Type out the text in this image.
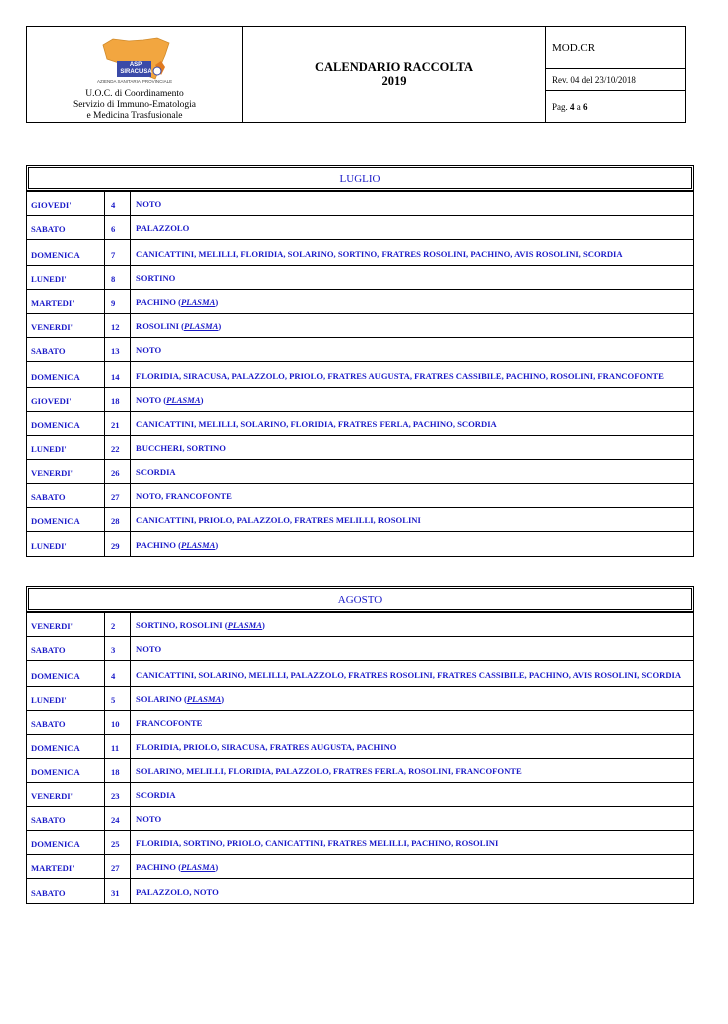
ASP SIRACUSA
AZIENDA SANITARIA PROVINCIALE
U.O.C. di Coordinamento
Servizio di Immuno-Ematologia
e Medicina Trasfusionale
CALENDARIO RACCOLTA
2019
MOD.CR
Rev. 04 del 23/10/2018
Pag. 4 a 6
LUGLIO
GIOVEDI'	4	NOTO
SABATO	6	PALAZZOLO
DOMENICA	7	CANICATTINI, MELILLI, FLORIDIA, SOLARINO, SORTINO, FRATRES ROSOLINI, PACHINO, AVIS ROSOLINI, SCORDIA
LUNEDI'	8	SORTINO
MARTEDI'	9	PACHINO (PLASMA)
VENERDI'	12	ROSOLINI (PLASMA)
SABATO	13	NOTO
DOMENICA	14	FLORIDIA, SIRACUSA, PALAZZOLO, PRIOLO, FRATRES AUGUSTA, FRATRES CASSIBILE, PACHINO, ROSOLINI, FRANCOFONTE
GIOVEDI'	18	NOTO (PLASMA)
DOMENICA	21	CANICATTINI, MELILLI, SOLARINO, FLORIDIA, FRATRES FERLA, PACHINO, SCORDIA
LUNEDI'	22	BUCCHERI, SORTINO
VENERDI'	26	SCORDIA
SABATO	27	NOTO, FRANCOFONTE
DOMENICA	28	CANICATTINI, PRIOLO, PALAZZOLO, FRATRES MELILLI, ROSOLINI
LUNEDI'	29	PACHINO (PLASMA)
AGOSTO
VENERDI'	2	SORTINO, ROSOLINI (PLASMA)
SABATO	3	NOTO
DOMENICA	4	CANICATTINI, SOLARINO, MELILLI, PALAZZOLO, FRATRES ROSOLINI, FRATRES CASSIBILE, PACHINO, AVIS ROSOLINI, SCORDIA
LUNEDI'	5	SOLARINO (PLASMA)
SABATO	10	FRANCOFONTE
DOMENICA	11	FLORIDIA, PRIOLO, SIRACUSA, FRATRES AUGUSTA, PACHINO
DOMENICA	18	SOLARINO, MELILLI, FLORIDIA, PALAZZOLO, FRATRES FERLA, ROSOLINI, FRANCOFONTE
VENERDI'	23	SCORDIA
SABATO	24	NOTO
DOMENICA	25	FLORIDIA, SORTINO, PRIOLO, CANICATTINI, FRATRES MELILLI, PACHINO, ROSOLINI
MARTEDI'	27	PACHINO (PLASMA)
SABATO	31	PALAZZOLO, NOTO
